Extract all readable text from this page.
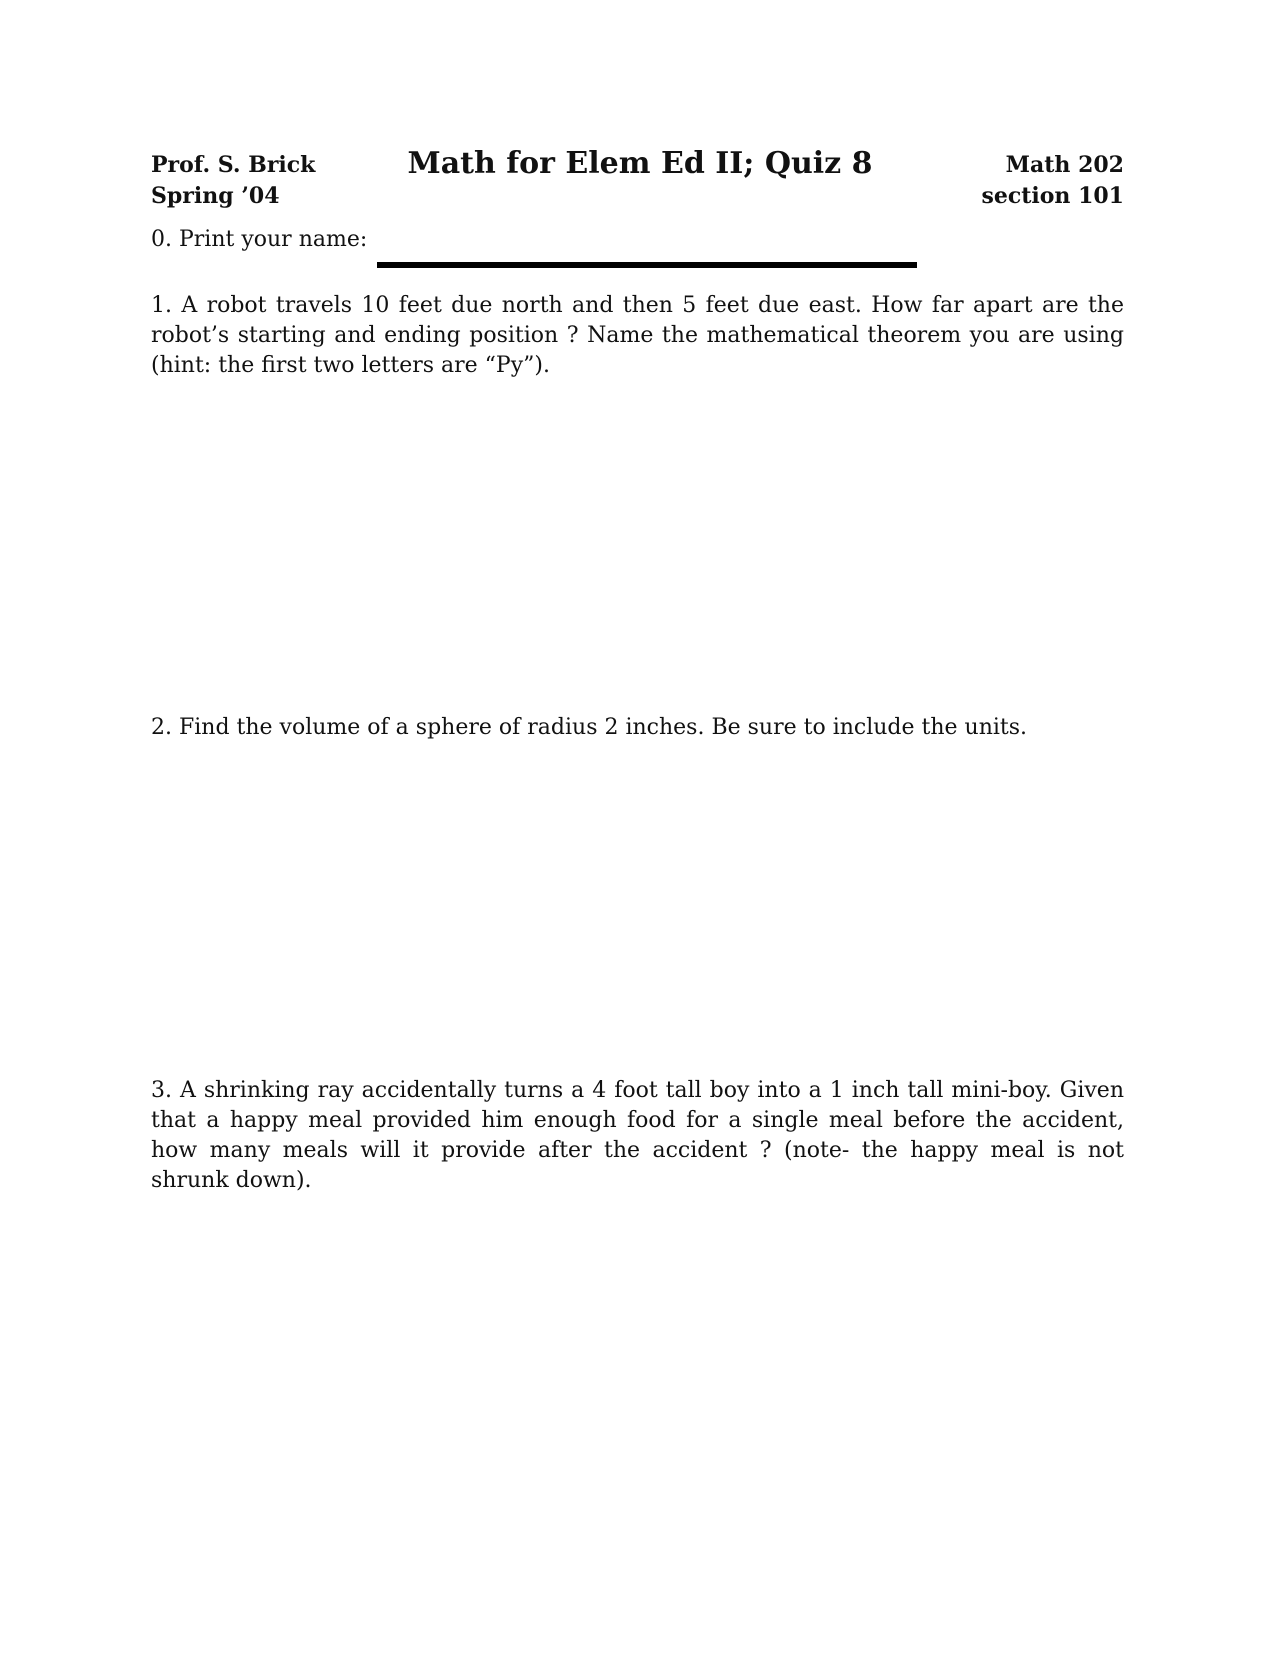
Prof. S. Brick
Spring ’04
Math for Elem Ed II; Quiz 8	Math 202
section 101
0. Print your name:
1. A robot travels 10 feet due north and then 5 feet due east. How far apart are the robot’s starting and ending position ? Name the mathematical theorem you are using (hint: the first two letters are “Py”).
2. Find the volume of a sphere of radius 2 inches. Be sure to include the units.
3. A shrinking ray accidentally turns a 4 foot tall boy into a 1 inch tall mini-boy. Given that a happy meal provided him enough food for a single meal before the accident, how many meals will it provide after the accident ? (note- the happy meal is not shrunk down).
